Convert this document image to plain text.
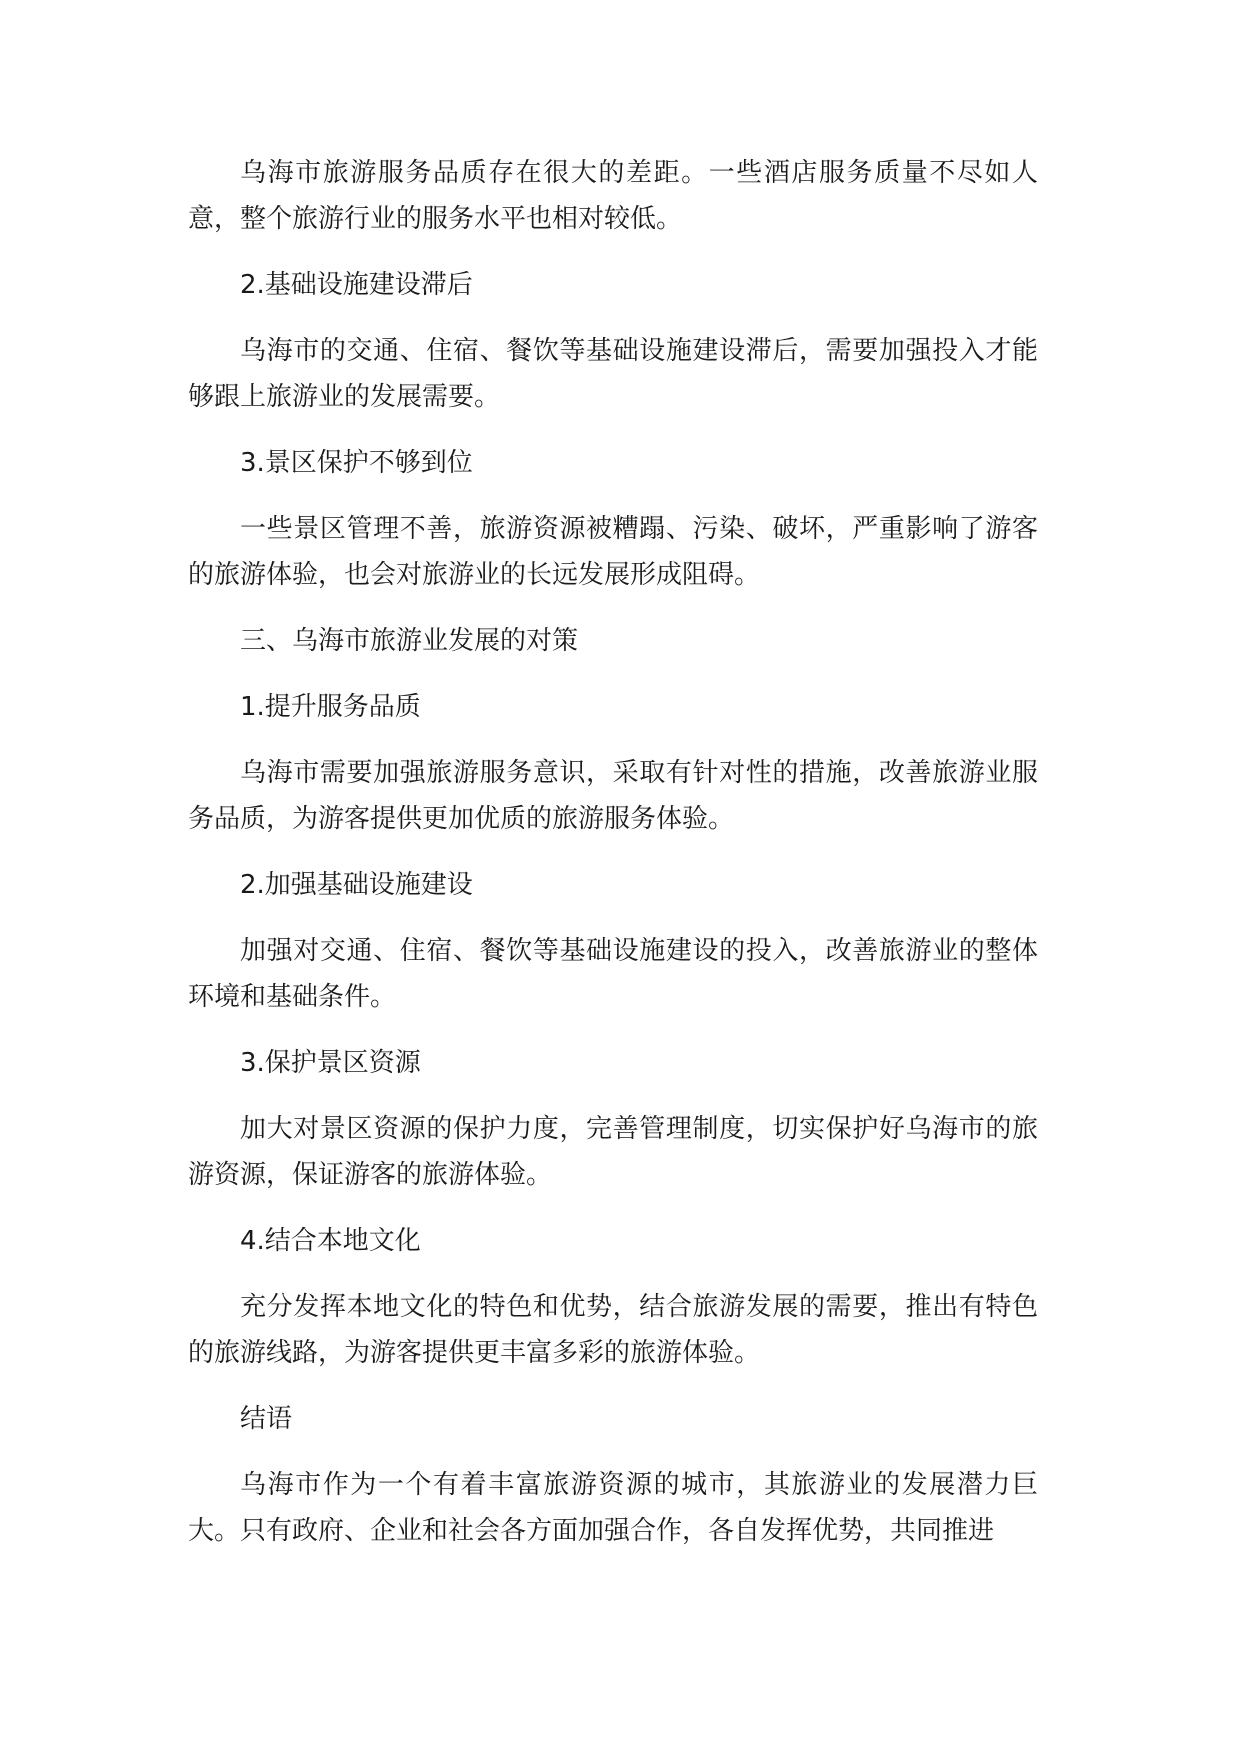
乌海市旅游服务品质存在很大的差距。一些酒店服务质量不尽如人意，整个旅游行业的服务水平也相对较低。

2.基础设施建设滞后

乌海市的交通、住宿、餐饮等基础设施建设滞后，需要加强投入才能够跟上旅游业的发展需要。

3.景区保护不够到位

一些景区管理不善，旅游资源被糟蹋、污染、破坏，严重影响了游客的旅游体验，也会对旅游业的长远发展形成阻碍。

三、乌海市旅游业发展的对策

1.提升服务品质

乌海市需要加强旅游服务意识，采取有针对性的措施，改善旅游业服务品质，为游客提供更加优质的旅游服务体验。

2.加强基础设施建设

加强对交通、住宿、餐饮等基础设施建设的投入，改善旅游业的整体环境和基础条件。

3.保护景区资源

加大对景区资源的保护力度，完善管理制度，切实保护好乌海市的旅游资源，保证游客的旅游体验。

4.结合本地文化

充分发挥本地文化的特色和优势，结合旅游发展的需要，推出有特色的旅游线路，为游客提供更丰富多彩的旅游体验。

结语

乌海市作为一个有着丰富旅游资源的城市，其旅游业的发展潜力巨大。只有政府、企业和社会各方面加强合作，各自发挥优势，共同推进
